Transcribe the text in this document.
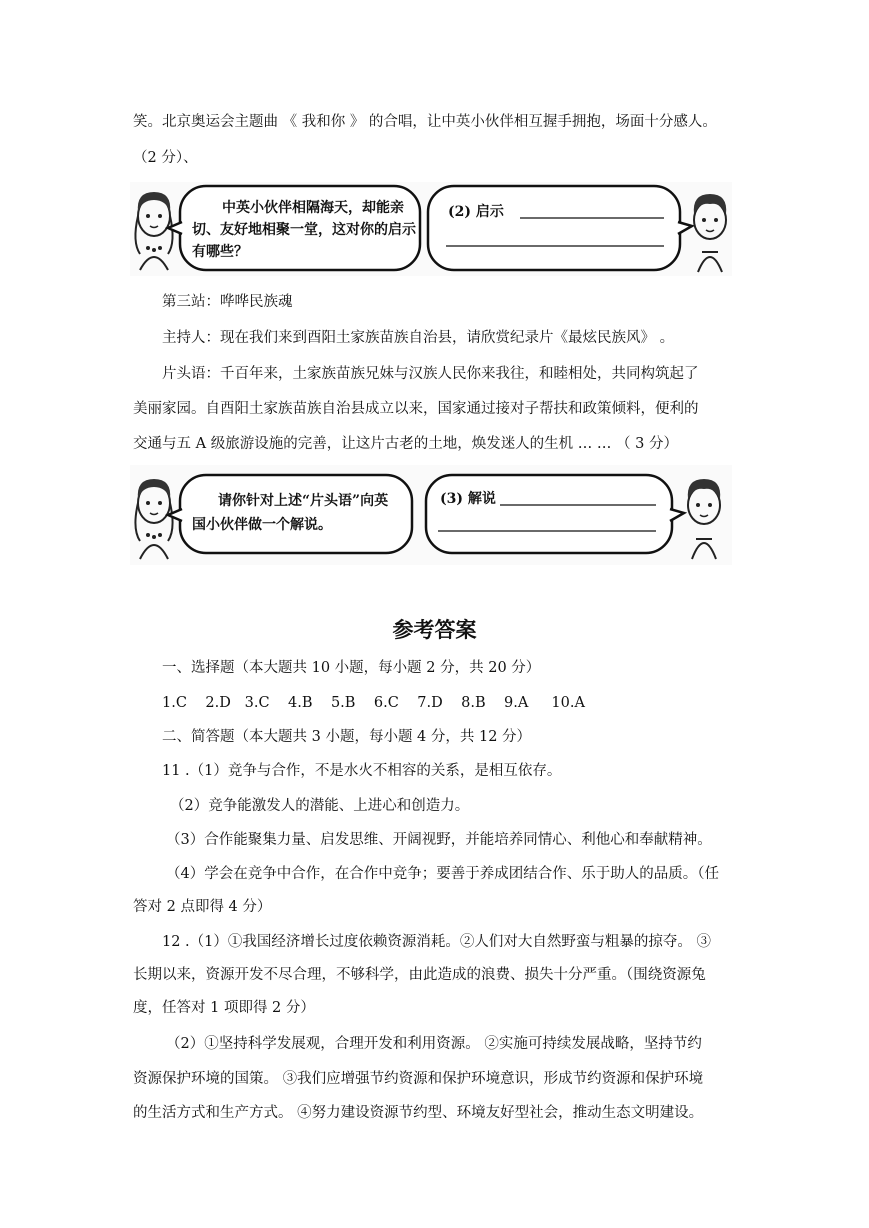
笑。北京奥运会主题曲 《 我和你 》 的合唱，让中英小伙伴相互握手拥抱，场面十分感人。
（2 分）、
中英小伙伴相隔海天，却能亲
切、友好地相聚一堂，这对你的启示
有哪些？
(2) 启示
第三站：哗哗民族魂
主持人：现在我们来到酉阳土家族苗族自治县，请欣赏纪录片《最炫民族风》 。
片头语：千百年来，土家族苗族兄妹与汉族人民你来我往，和睦相处，共同构筑起了
美丽家园。自酉阳土家族苗族自治县成立以来，国家通过接对子帮扶和政策倾料，便利的
交通与五 A 级旅游设施的完善，让这片古老的土地，焕发迷人的生机 … … （ 3 分）
请你针对上述“片头语”向英
国小伙伴做一个解说。
(3) 解说
参考答案
一、选择题（本大题共 10 小题，每小题 2 分，共 20 分）
1.C    2.D   3.C    4.B    5.B    6.C    7.D    8.B    9.A     10.A
二、简答题（本大题共 3 小题，每小题 4 分，共 12 分）
11 .（1）竞争与合作，不是水火不相容的关系，是相互依存。
（2）竞争能激发人的潜能、上进心和创造力。
（3）合作能聚集力量、启发思维、开阔视野，并能培养同情心、利他心和奉献精神。
（4）学会在竞争中合作，在合作中竞争；要善于养成团结合作、乐于助人的品质。（任
答对 2 点即得 4 分）
12 .（1）①我国经济增长过度依赖资源消耗。②人们对大自然野蛮与粗暴的掠夺。 ③
长期以来，资源开发不尽合理，不够科学，由此造成的浪费、损失十分严重。（围绕资源兔
度，任答对 1 项即得 2 分）
（2）①坚持科学发展观，合理开发和利用资源。 ②实施可持续发展战略，坚持节约
资源保护环境的国策。 ③我们应增强节约资源和保护环境意识，形成节约资源和保护环境
的生活方式和生产方式。 ④努力建设资源节约型、环境友好型社会，推动生态文明建设。
